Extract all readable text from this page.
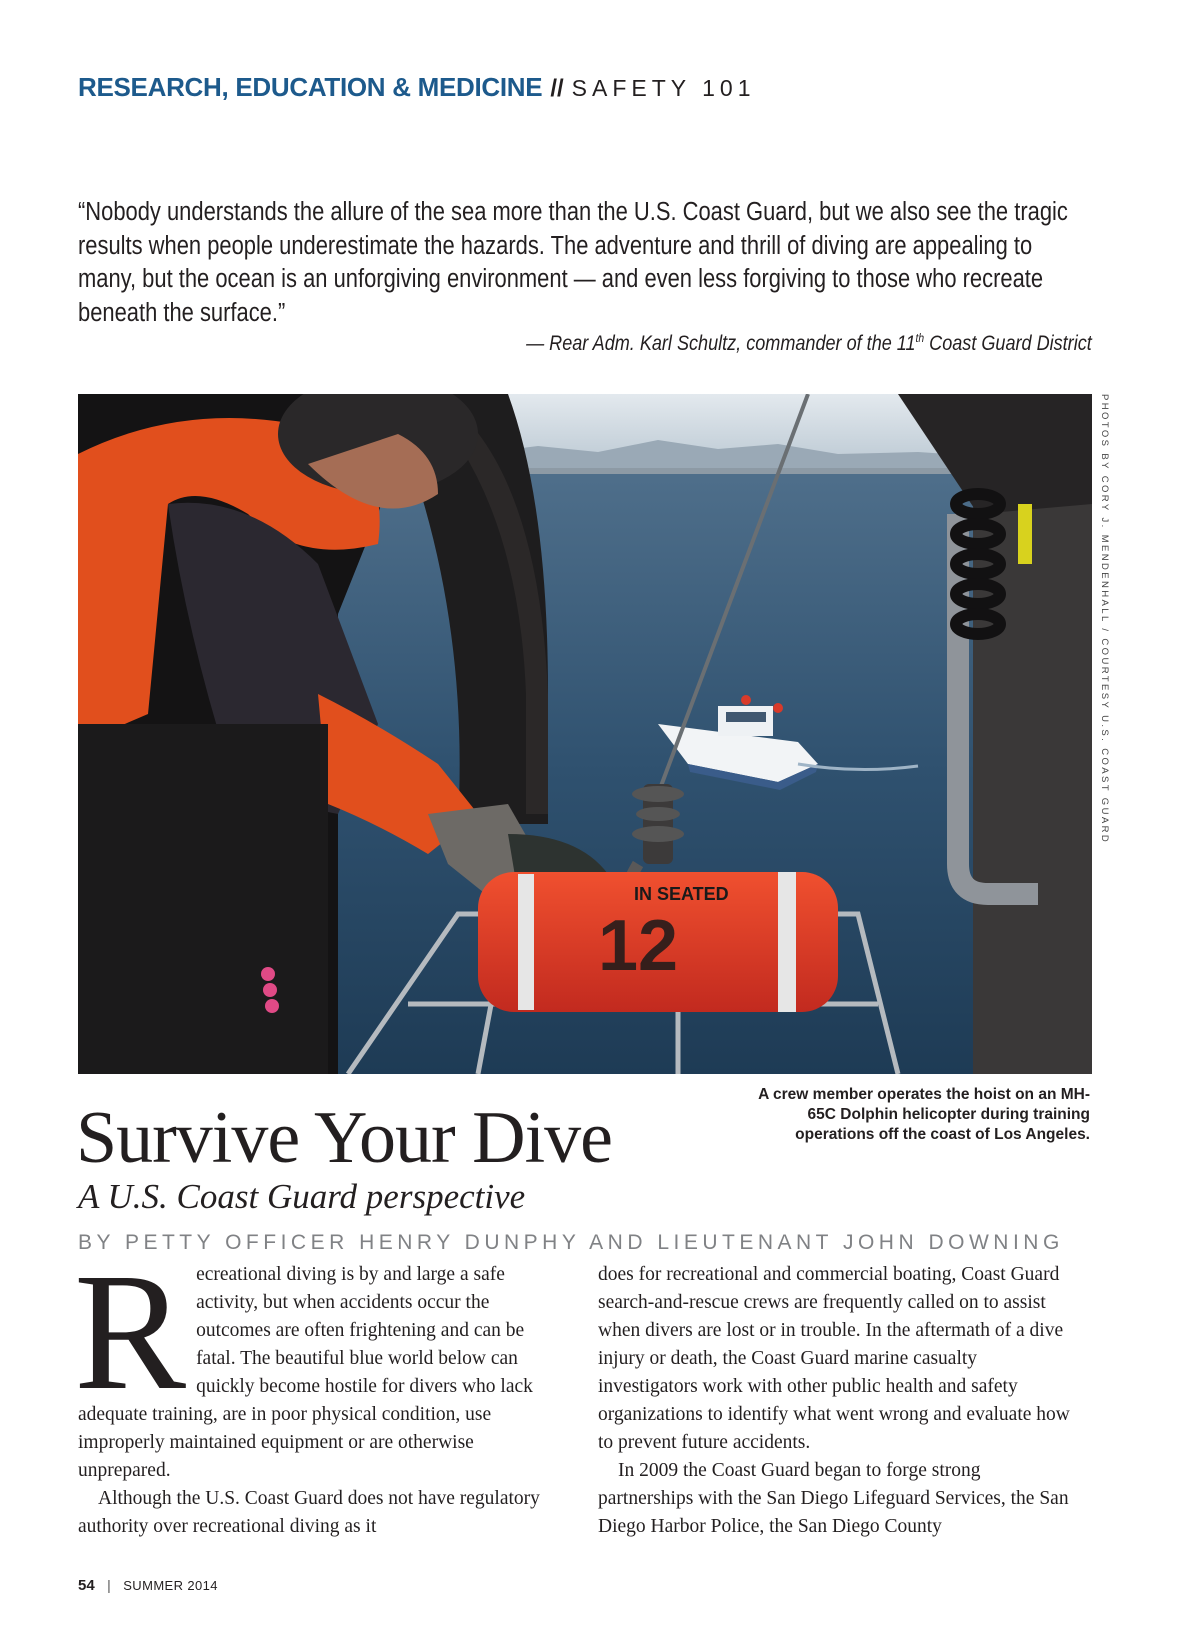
RESEARCH, EDUCATION & MEDICINE // SAFETY 101
“Nobody understands the allure of the sea more than the U.S. Coast Guard, but we also see the tragic results when people underestimate the hazards. The adventure and thrill of diving are appealing to many, but the ocean is an unforgiving environment — and even less forgiving to those who recreate beneath the surface.”
— Rear Adm. Karl Schultz, commander of the 11th Coast Guard District
IN SEATED
12
PHOTOS BY CORY J. MENDENHALL / COURTESY U.S. COAST GUARD
A crew member operates the hoist on an MH-65C Dolphin helicopter during training operations off the coast of Los Angeles.
Survive Your Dive
A U.S. Coast Guard perspective
BY PETTY OFFICER HENRY DUNPHY AND LIEUTENANT JOHN DOWNING

Recreational diving is by and large a safe activity, but when accidents occur the outcomes are often frightening and can be fatal. The beautiful blue world below can quickly become hostile for divers who lack adequate training, are in poor physical condition, use improperly maintained equipment or are otherwise unprepared.

Although the U.S. Coast Guard does not have regulatory authority over recreational diving as it

does for recreational and commercial boating, Coast Guard search-and-rescue crews are frequently called on to assist when divers are lost or in trouble. In the aftermath of a dive injury or death, the Coast Guard marine casualty investigators work with other public health and safety organizations to identify what went wrong and evaluate how to prevent future accidents.

In 2009 the Coast Guard began to forge strong partnerships with the San Diego Lifeguard Services, the San Diego Harbor Police, the San Diego County

54 | SUMMER 2014
